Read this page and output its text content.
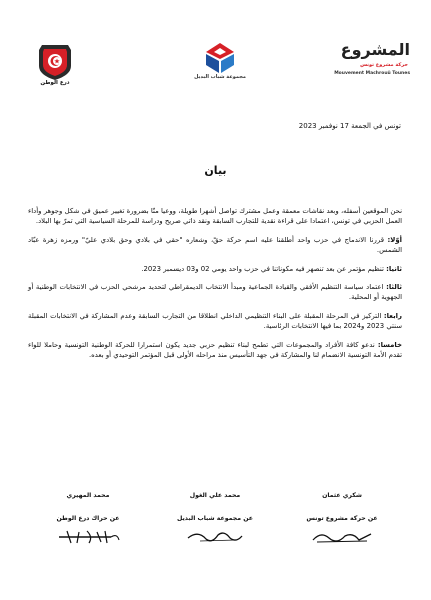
درع الوطن
مجموعة شباب البديل
المشروع
حركة مشروع تونس
Mouvement Machrouû Tounes
تونس في الجمعة 17 نوفمبر 2023
بيان

نحن الموقعين أسفله، وبعد نقاشات معمقة وعمل مشترك تواصل أشهرا طويلة، ووعيا منّا بضرورة تغيير عميق في شكل وجوهر وأداء العمل الحزبي في تونس، اعتمادا على قراءة نقدية للتجارب السابقة ونقد ذاتي صريح ودراسة للمرحلة السياسية التي تمرّ بها البلاد.

أوّلا: قررنا الاندماج في حزب واحد أطلقنا عليه اسم حركة حقّ، وشعاره "حقي في بلادي وحق بلادي عليّ" ورمزه زهرة عبّاد الشمس.

ثانيا: تنظيم مؤتمر عن بعد تنصهر فيه مكوناتنا في حزب واحد يومي 02 و03 ديسمبر 2023.

ثالثا: اعتماد سياسة التنظيم الأفقي والقيادة الجماعية ومبدأ الانتخاب الديمقراطي لتحديد مرشحي الحزب في الانتخابات الوطنية أو الجهوية أو المحلية.

رابعا: التركيز في المرحلة المقبلة على البناء التنظيمي الداخلي انطلاقا من التجارب السابقة وعدم المشاركة في الانتخابات المقبلة سنتي 2023 و2024 بما فيها الانتخابات الرئاسية.

خامسا: ندعو كافة الأفراد والمجموعات التي تطمح لبناء تنظيم حزبي جديد يكون استمرارا للحركة الوطنية التونسية وحاملا للواء تقدم الأمة التونسية الانضمام لنا والمشاركة في جهد التأسيس منذ مراحله الأولى قبل المؤتمر التوحيدي أو بعده.

شكري عثمان
عن حركة مشروع تونس
محمد علي الغول
عن مجموعة شباب البديل
محمد المهيري
عن حراك درع الوطن
